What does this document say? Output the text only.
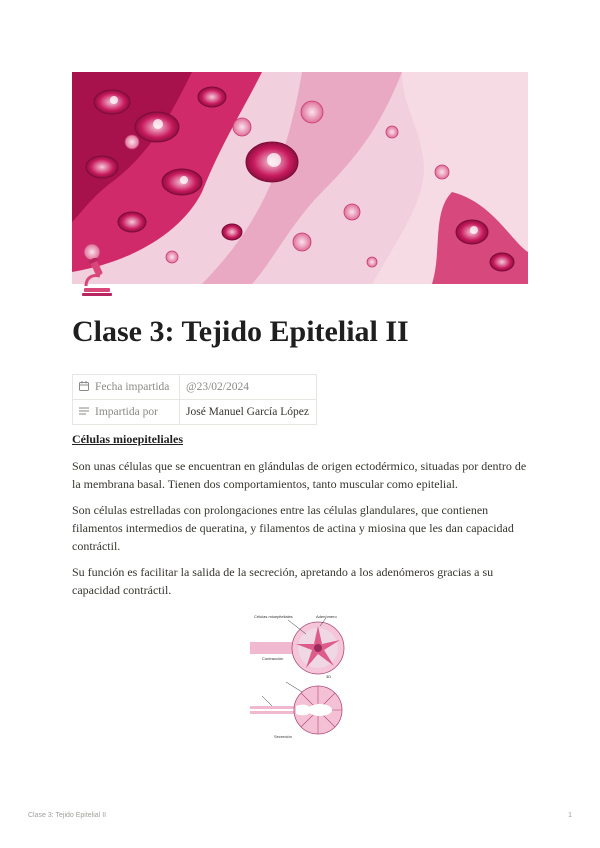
Clase 3: Tejido Epitelial II
Fecha impartida	@23/02/2024
Impartida por	José Manuel García López
Células mioepiteliales

Son unas células que se encuentran en glándulas de origen ectodérmico, situadas por dentro de la membrana basal. Tienen dos comportamientos, tanto muscular como epitelial.

Son células estrelladas con prolongaciones entre las células glandulares, que contienen filamentos intermedios de queratina, y filamentos de actina y miosina que les dan capacidad contráctil.

Su función es facilitar la salida de la secreción, apretando a los adenómeros gracias a su capacidad contráctil.

Células mioepiteliales	Adenómero
Contracción
3D
Secreción
Clase 3: Tejido Epitelial II	1
